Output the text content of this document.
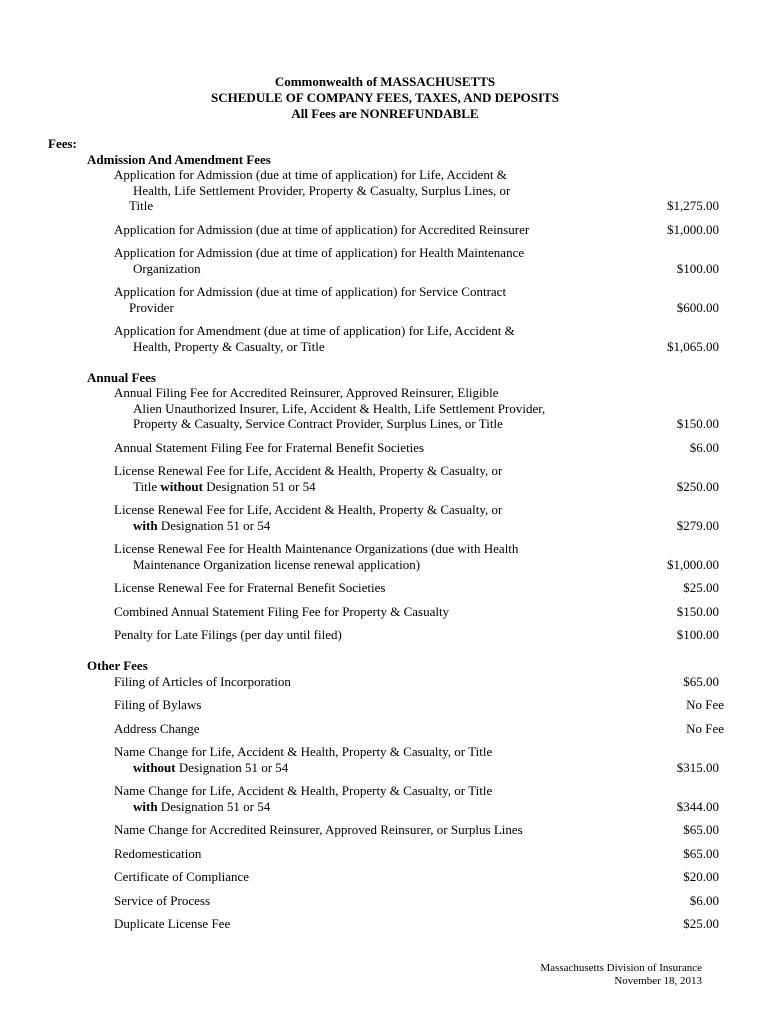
Commonwealth of MASSACHUSETTS
SCHEDULE OF COMPANY FEES, TAXES, AND DEPOSITS
All Fees are NONREFUNDABLE
Fees:
Admission And Amendment Fees
Application for Admission (due at time of application) for Life, Accident &
Health, Life Settlement Provider, Property & Casualty, Surplus Lines, or
Title	$1,275.00
Application for Admission (due at time of application) for Accredited Reinsurer	$1,000.00
Application for Admission (due at time of application) for Health Maintenance
Organization	$100.00
Application for Admission (due at time of application) for Service Contract
Provider	$600.00
Application for Amendment (due at time of application) for Life, Accident &
Health, Property & Casualty, or Title	$1,065.00
Annual Fees
Annual Filing Fee for Accredited Reinsurer, Approved Reinsurer, Eligible
Alien Unauthorized Insurer, Life, Accident & Health, Life Settlement Provider,
Property & Casualty, Service Contract Provider, Surplus Lines, or Title	$150.00
Annual Statement Filing Fee for Fraternal Benefit Societies	$6.00
License Renewal Fee for Life, Accident & Health, Property & Casualty, or
Title without Designation 51 or 54	$250.00
License Renewal Fee for Life, Accident & Health, Property & Casualty, or
with Designation 51 or 54	$279.00
License Renewal Fee for Health Maintenance Organizations (due with Health
Maintenance Organization license renewal application)	$1,000.00
License Renewal Fee for Fraternal Benefit Societies	$25.00
Combined Annual Statement Filing Fee for Property & Casualty	$150.00
Penalty for Late Filings (per day until filed)	$100.00
Other Fees
Filing of Articles of Incorporation	$65.00
Filing of Bylaws	No Fee
Address Change	No Fee
Name Change for Life, Accident & Health, Property & Casualty, or Title
without Designation 51 or 54	$315.00
Name Change for Life, Accident & Health, Property & Casualty, or Title
with Designation 51 or 54	$344.00
Name Change for Accredited Reinsurer, Approved Reinsurer, or Surplus Lines	$65.00
Redomestication	$65.00
Certificate of Compliance	$20.00
Service of Process	$6.00
Duplicate License Fee	$25.00
Massachusetts Division of Insurance
November 18, 2013
